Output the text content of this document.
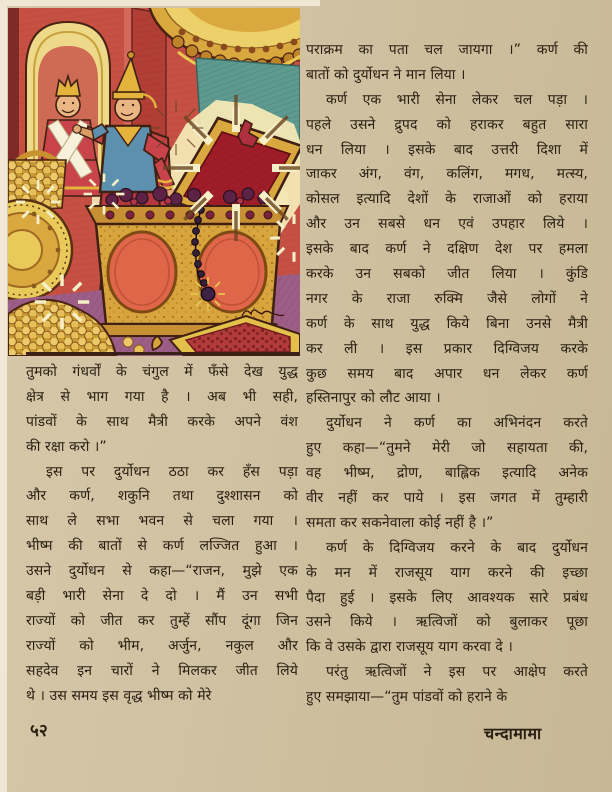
तुमको गंधर्वों के चंगुल में फँसे देख युद्ध
क्षेत्र से भाग गया है । अब भी सही,
पांडवों के साथ मैत्री करके अपने वंश
की रक्षा करो ।”
इस पर दुर्योधन ठठा कर हँस पड़ा
और कर्ण, शकुनि तथा दुश्शासन को
साथ ले सभा भवन से चला गया ।
भीष्म की बातों से कर्ण लज्जित हुआ ।
उसने दुर्योधन से कहा—“राजन, मुझे एक
बड़ी भारी सेना दे दो । मैं उन सभी
राज्यों को जीत कर तुम्हें सौंप दूंगा जिन
राज्यों को भीम, अर्जुन, नकुल और
सहदेव इन चारों ने मिलकर जीत लिये
थे । उस समय इस वृद्ध भीष्म को मेरे
पराक्रम का पता चल जायगा ।” कर्ण की
बातों को दुर्योधन ने मान लिया ।
कर्ण एक भारी सेना लेकर चल पड़ा ।
पहले उसने द्रुपद को हराकर बहुत सारा
धन लिया । इसके बाद उत्तरी दिशा में
जाकर अंग, वंग, कलिंग, मगध, मत्स्य,
कोसल इत्यादि देशों के राजाओं को हराया
और उन सबसे धन एवं उपहार लिये ।
इसके बाद कर्ण ने दक्षिण देश पर हमला
करके उन सबको जीत लिया । कुंडि
नगर के राजा रुक्मि जैसे लोगों ने
कर्ण के साथ युद्ध किये बिना उनसे मैत्री
कर ली । इस प्रकार दिग्विजय करके
कुछ समय बाद अपार धन लेकर कर्ण
हस्तिनापुर को लौट आया ।
दुर्योधन ने कर्ण का अभिनंदन करते
हुए कहा—“तुमने मेरी जो सहायता की,
वह भीष्म, द्रोण, बाह्लिक इत्यादि अनेक
वीर नहीं कर पाये । इस जगत में तुम्हारी
समता कर सकनेवाला कोई नहीं है ।”
कर्ण के दिग्विजय करने के बाद दुर्योधन
के मन में राजसूय याग करने की इच्छा
पैदा हुई । इसके लिए आवश्यक सारे प्रबंध
उसने किये । ऋत्विजों को बुलाकर पूछा
कि वे उसके द्वारा राजसूय याग करवा दे ।
परंतु ऋत्विजों ने इस पर आक्षेप करते
हुए समझाया—“तुम पांडवों को हराने के
५२	चन्दामामा
